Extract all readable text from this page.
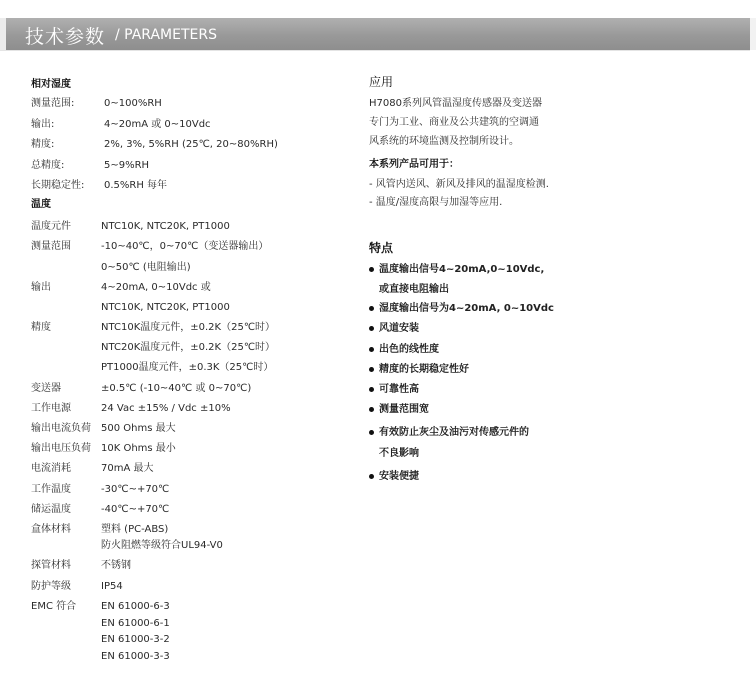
技术参数 / PARAMETERS
相对湿度
测量范围:	0~100%RH
输出:	4~20mA 或 0~10Vdc
精度:	2%, 3%, 5%RH (25℃, 20~80%RH)
总精度:	5~9%RH
长期稳定性: 0.5%RH 每年
温度
温度元件	NTC10K, NTC20K, PT1000
测量范围	-10~40℃，0~70℃（变送器输出）
0~50℃ (电阻输出)
输出	4~20mA, 0~10Vdc 或
NTC10K, NTC20K, PT1000
精度	NTC10K温度元件，±0.2K（25℃时）
NTC20K温度元件，±0.2K（25℃时）
PT1000温度元件，±0.3K（25℃时）
变送器	±0.5℃ (-10~40℃ 或 0~70℃)
工作电源	24 Vac ±15% / Vdc ±10%
输出电流负荷 500 Ohms 最大
输出电压负荷 10K Ohms 最小
电流消耗	70mA 最大
工作温度	-30℃~+70℃
储运温度	-40℃~+70℃
盒体材料	塑料 (PC-ABS)
防火阻燃等级符合UL94-V0
探管材料	不锈钢
防护等级	IP54
EMC 符合 EN 61000-6-3
EN 61000-6-1
EN 61000-3-2
EN 61000-3-3
应用
H7080系列风管温湿度传感器及变送器
专门为工业、商业及公共建筑的空调通
风系统的环境监测及控制所设计。
本系列产品可用于：
- 风管内送风、新风及排风的温湿度检测.
- 温度/湿度高限与加湿等应用.
特点
温度输出信号4~20mA,0~10Vdc,
或直接电阻输出
湿度输出信号为4~20mA, 0~10Vdc
风道安装
出色的线性度
精度的长期稳定性好
可靠性高
测量范围宽
有效防止灰尘及油污对传感元件的
不良影响
安装便捷
